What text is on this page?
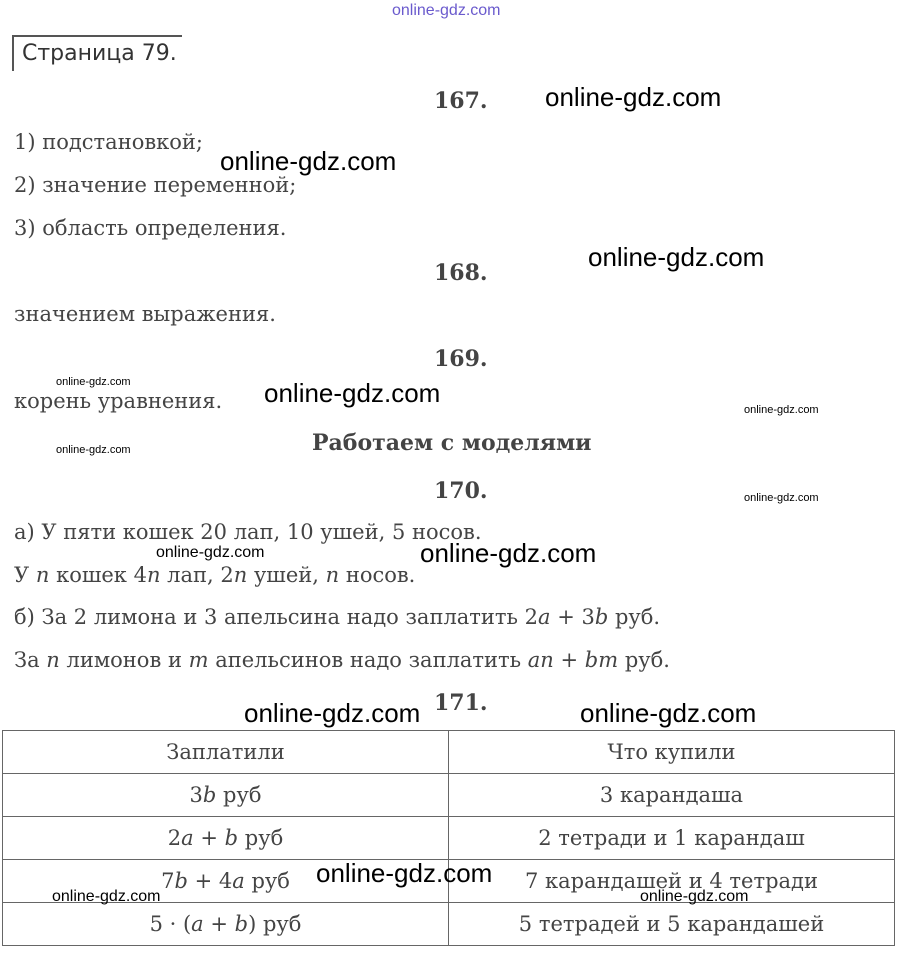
online-gdz.com
Страница 79.
167.
1) подстановкой;
2) значение переменной;
3) область определения.
168.
значением выражения.
169.
корень уравнения.
Работаем с моделями
170.
а) У пяти кошек 20 лап, 10 ушей, 5 носов.
У n кошек 4n лап, 2n ушей, n носов.
б) За 2 лимона и 3 апельсина надо заплатить 2a + 3b руб.
За n лимонов и m апельсинов надо заплатить an + bm руб.
171.
Заплатили	Что купили
3b руб	3 карандаша
2a + b руб	2 тетради и 1 карандаш
7b + 4a руб	7 карандашей и 4 тетради
5 · (a + b) руб	5 тетрадей и 5 карандашей
online-gdz.com
online-gdz.com
online-gdz.com
online-gdz.com
online-gdz.com
online-gdz.com	online-gdz.com
online-gdz.com
online-gdz.com
online-gdz.com
online-gdz.com
online-gdz.com
online-gdz.com
online-gdz.com	online-gdz.com
